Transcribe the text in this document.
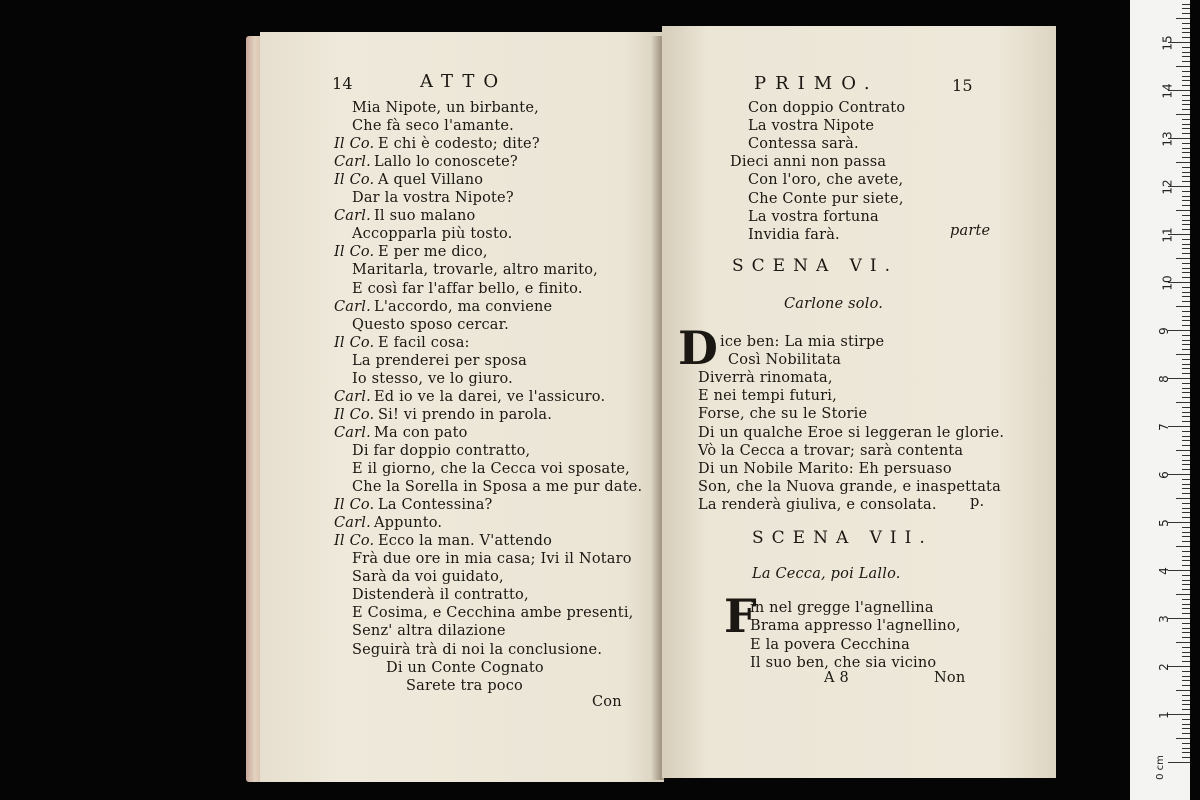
14	ATTO
Mia Nipote, un birbante,
Che fà seco l'amante.
Il Co. E chi è codesto; dite?
Carl. Lallo lo conoscete?
Il Co. A quel Villano
Dar la vostra Nipote?
Carl. Il suo malano
Accopparla più tosto.
Il Co. E per me dico,
Maritarla, trovarle, altro marito,
E così far l'affar bello, e finito.
Carl. L'accordo, ma conviene
Questo sposo cercar.
Il Co. E facil cosa:
La prenderei per sposa
Io stesso, ve lo giuro.
Carl. Ed io ve la darei, ve l'assicuro.
Il Co. Si! vi prendo in parola.
Carl. Ma con pato
Di far doppio contratto,
E il giorno, che la Cecca voi sposate,
Che la Sorella in Sposa a me pur date.
Il Co. La Contessina?
Carl. Appunto.
Il Co. Ecco la man. V'attendo
Frà due ore in mia casa; Ivi il Notaro
Sarà da voi guidato,
Distenderà il contratto,
E Cosima, e Cecchina ambe presenti,
Senz' altra dilazione
Seguirà trà di noi la conclusione.
Di un Conte Cognato
Sarete tra poco
Con
PRIMO.	15
Con doppio Contrato
La vostra Nipote
Contessa sarà.
Dieci anni non passa
Con l'oro, che avete,
Che Conte pur siete,
La vostra fortuna
Invidia farà.	parte
SCENA VI.
Carlone solo.
D ice ben: La mia stirpe
Così Nobilitata
Diverrà rinomata,
E nei tempi futuri,
Forse, che su le Storie
Di un qualche Eroe si leggeran le glorie.
Vò la Cecca a trovar; sarà contenta
Di un Nobile Marito: Eh persuaso
Son, che la Nuova grande, e inaspettata
La renderà giuliva, e consolata. p.
SCENA VII.
La Cecca, poi Lallo.
F
in nel gregge l'agnellina
Brama appresso l'agnellino,
E la povera Cecchina
Il suo ben, che sia vicino
A 8	Non
0 cm
1
2
3
4
5
6
7
8
9
10
11
12
13
14
15
